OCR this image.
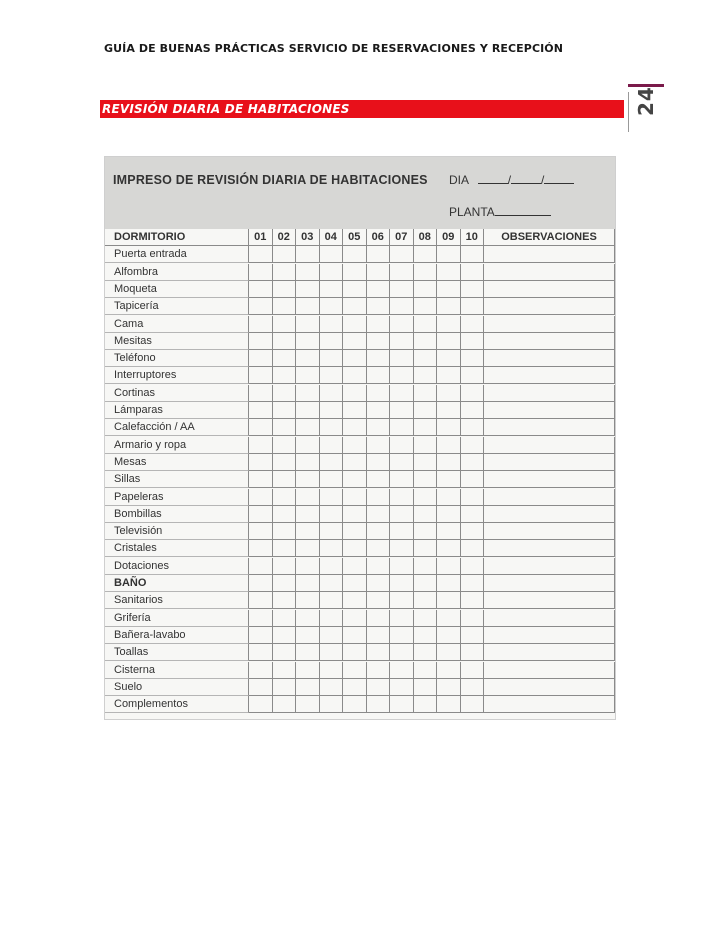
GUÍA DE BUENAS PRÁCTICAS SERVICIO DE RESERVACIONES Y RECEPCIÓN
REVISIÓN DIARIA DE HABITACIONES	24
IMPRESO DE REVISIÓN DIARIA DE HABITACIONES DIA	/	/
PLANTA
DORMITORIO	01	02	03	04	05	06	07	08	09	10	OBSERVACIONES
Puerta entrada
Alfombra
Moqueta
Tapicería
Cama
Mesitas
Teléfono
Interruptores
Cortinas
Lámparas
Calefacción / AA
Armario y ropa
Mesas
Sillas
Papeleras
Bombillas
Televisión
Cristales
Dotaciones
BAÑO
Sanitarios
Grifería
Bañera-lavabo
Toallas
Cisterna
Suelo
Complementos
